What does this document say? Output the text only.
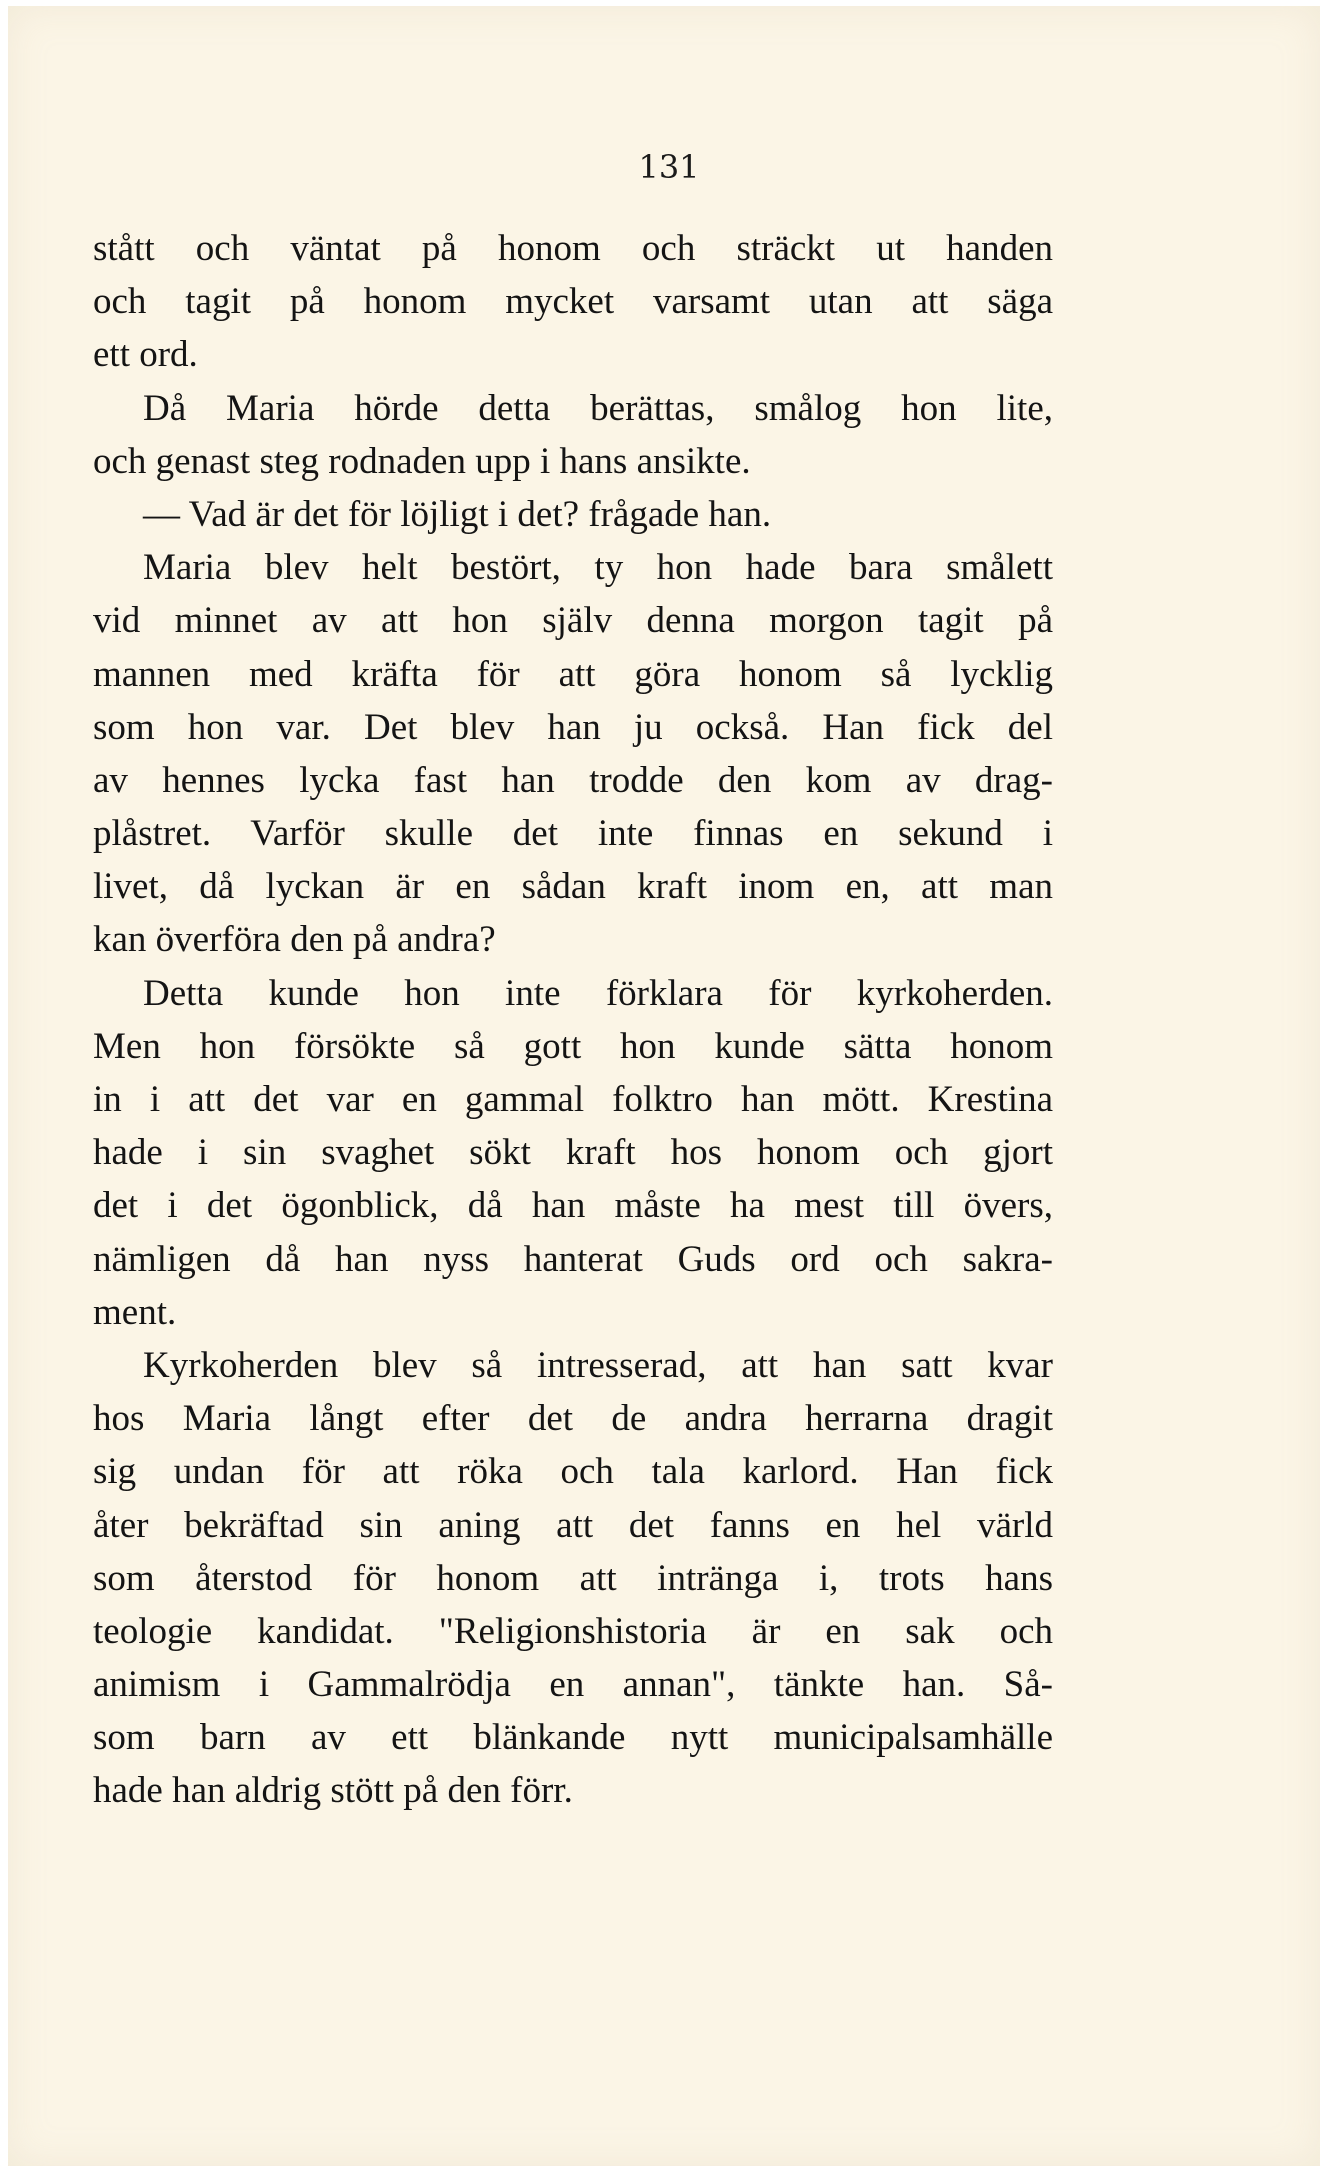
131
stått och väntat på honom och sträckt ut handen
och tagit på honom mycket varsamt utan att säga
ett ord.
Då Maria hörde detta berättas, smålog hon lite,
och genast steg rodnaden upp i hans ansikte.
— Vad är det för löjligt i det? frågade han.
Maria blev helt bestört, ty hon hade bara smålett
vid minnet av att hon själv denna morgon tagit på
mannen med kräfta för att göra honom så lycklig
som hon var. Det blev han ju också. Han fick del
av hennes lycka fast han trodde den kom av drag-
plåstret. Varför skulle det inte finnas en sekund i
livet, då lyckan är en sådan kraft inom en, att man
kan överföra den på andra?
Detta kunde hon inte förklara för kyrkoherden.
Men hon försökte så gott hon kunde sätta honom
in i att det var en gammal folktro han mött. Krestina
hade i sin svaghet sökt kraft hos honom och gjort
det i det ögonblick, då han måste ha mest till övers,
nämligen då han nyss hanterat Guds ord och sakra-
ment.
Kyrkoherden blev så intresserad, att han satt kvar
hos Maria långt efter det de andra herrarna dragit
sig undan för att röka och tala karlord. Han fick
åter bekräftad sin aning att det fanns en hel värld
som återstod för honom att intränga i, trots hans
teologie kandidat. "Religionshistoria är en sak och
animism i Gammalrödja en annan", tänkte han. Så-
som barn av ett blänkande nytt municipalsamhälle
hade han aldrig stött på den förr.
